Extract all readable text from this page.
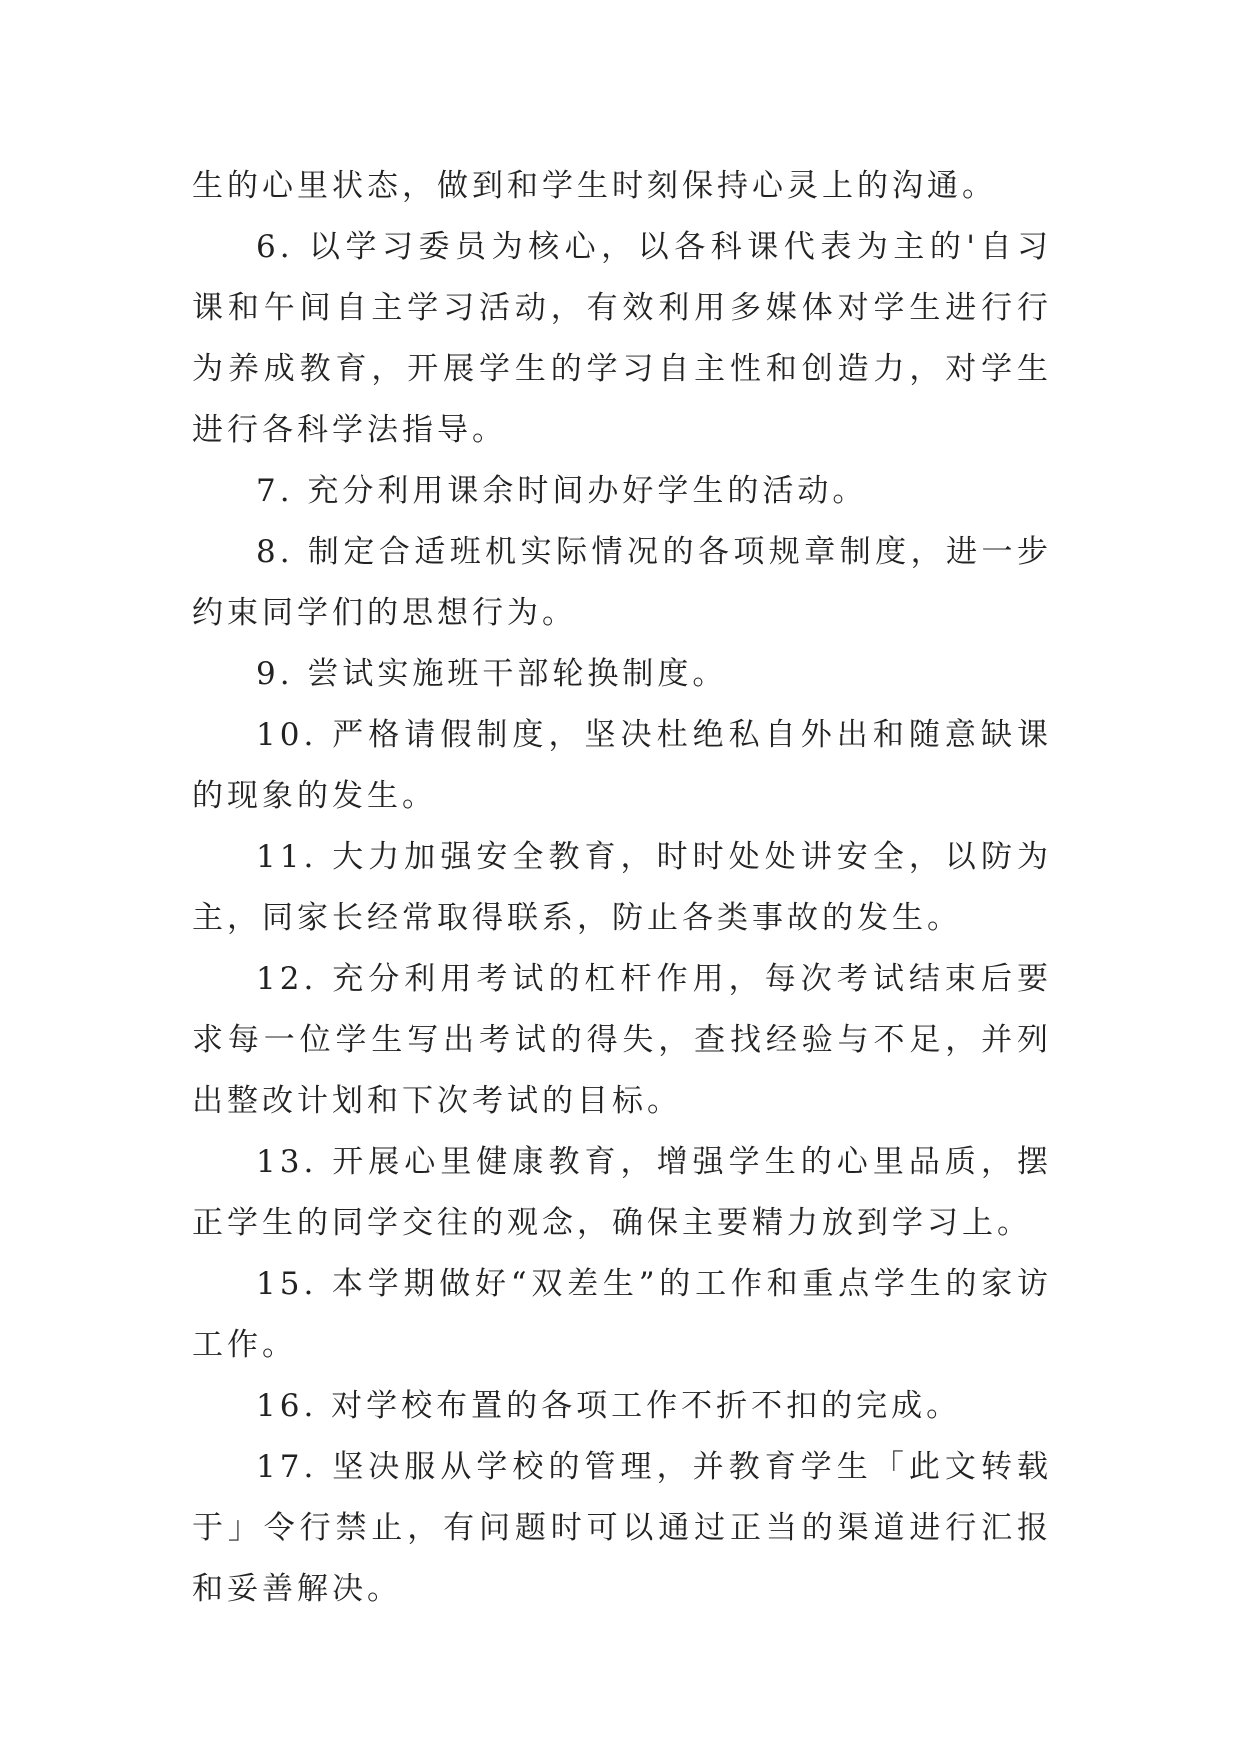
生的心里状态，做到和学生时刻保持心灵上的沟通。

6. 以学习委员为核心，以各科课代表为主的'自习课和午间自主学习活动，有效利用多媒体对学生进行行为养成教育，开展学生的学习自主性和创造力，对学生进行各科学法指导。

7. 充分利用课余时间办好学生的活动。

8. 制定合适班机实际情况的各项规章制度，进一步约束同学们的思想行为。

9. 尝试实施班干部轮换制度。

10. 严格请假制度，坚决杜绝私自外出和随意缺课的现象的发生。

11. 大力加强安全教育，时时处处讲安全，以防为主，同家长经常取得联系，防止各类事故的发生。

12. 充分利用考试的杠杆作用，每次考试结束后要求每一位学生写出考试的得失，查找经验与不足，并列出整改计划和下次考试的目标。

13. 开展心里健康教育，增强学生的心里品质，摆正学生的同学交往的观念，确保主要精力放到学习上。

15. 本学期做好“双差生”的工作和重点学生的家访工作。

16. 对学校布置的各项工作不折不扣的完成。

17. 坚决服从学校的管理，并教育学生「此文转载于」令行禁止，有问题时可以通过正当的渠道进行汇报和妥善解决。
